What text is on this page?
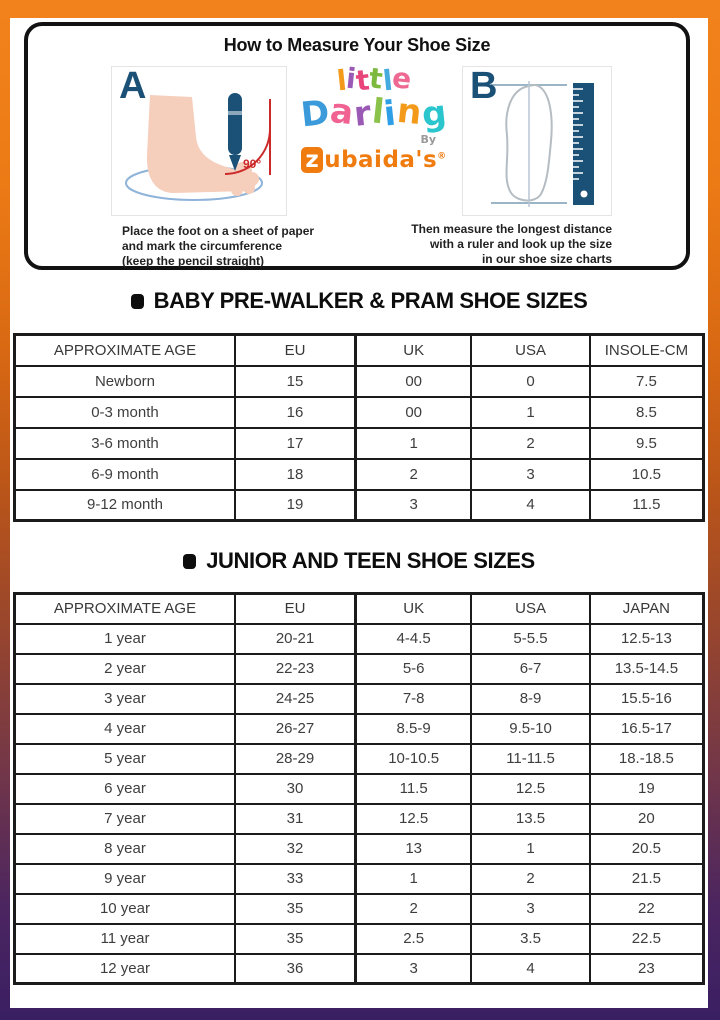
How to Measure Your Shoe Size
A
90°
little
Darling
By
z ubaida's®
B
Place the foot on a sheet of paper
and mark the circumference
(keep the pencil straight)
Then measure the longest distance
with a ruler and look up the size
in our shoe size charts
BABY PRE-WALKER & PRAM SHOE SIZES
APPROXIMATE AGE	EU	UK	USA	INSOLE-CM
Newborn	15	00	0	7.5
0-3 month	16	00	1	8.5
3-6 month	17	1	2	9.5
6-9 month	18	2	3	10.5
9-12 month	19	3	4	11.5
JUNIOR AND TEEN SHOE SIZES
APPROXIMATE AGE	EU	UK	USA	JAPAN
1 year	20-21	4-4.5	5-5.5	12.5-13
2 year	22-23	5-6	6-7	13.5-14.5
3 year	24-25	7-8	8-9	15.5-16
4 year	26-27	8.5-9	9.5-10	16.5-17
5 year	28-29	10-10.5	11-11.5	18.-18.5
6 year	30	11.5	12.5	19
7 year	31	12.5	13.5	20
8 year	32	13	1	20.5
9 year	33	1	2	21.5
10 year	35	2	3	22
11 year	35	2.5	3.5	22.5
12 year	36	3	4	23
